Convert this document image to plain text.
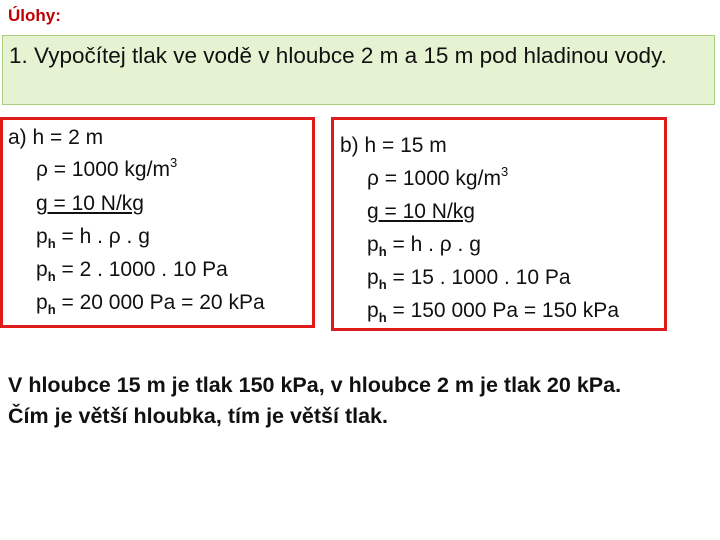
Úlohy:
1. Vypočítej tlak ve vodě v hloubce 2 m a 15 m pod hladinou vody.
a) h = 2 m
ρ = 1000 $kg/m^3$
g = 10 N/kg
$p_h = h$ . ρ . g
$p_h = 2$ . 1000 . 10 Pa
$p_h = 20$ 000 Pa = 20 kPa
b) h = 15 m
ρ = 1000 $kg/m^3$
g = 10 N/kg
$p_h = h$ . ρ . g
$p_h = 15$ . 1000 . 10 Pa
$p_h = 150$ 000 Pa = 150 kPa
V hloubce 15 m je tlak 150 kPa, v hloubce 2 m je tlak 20 kPa.
Čím je větší hloubka, tím je větší tlak.
